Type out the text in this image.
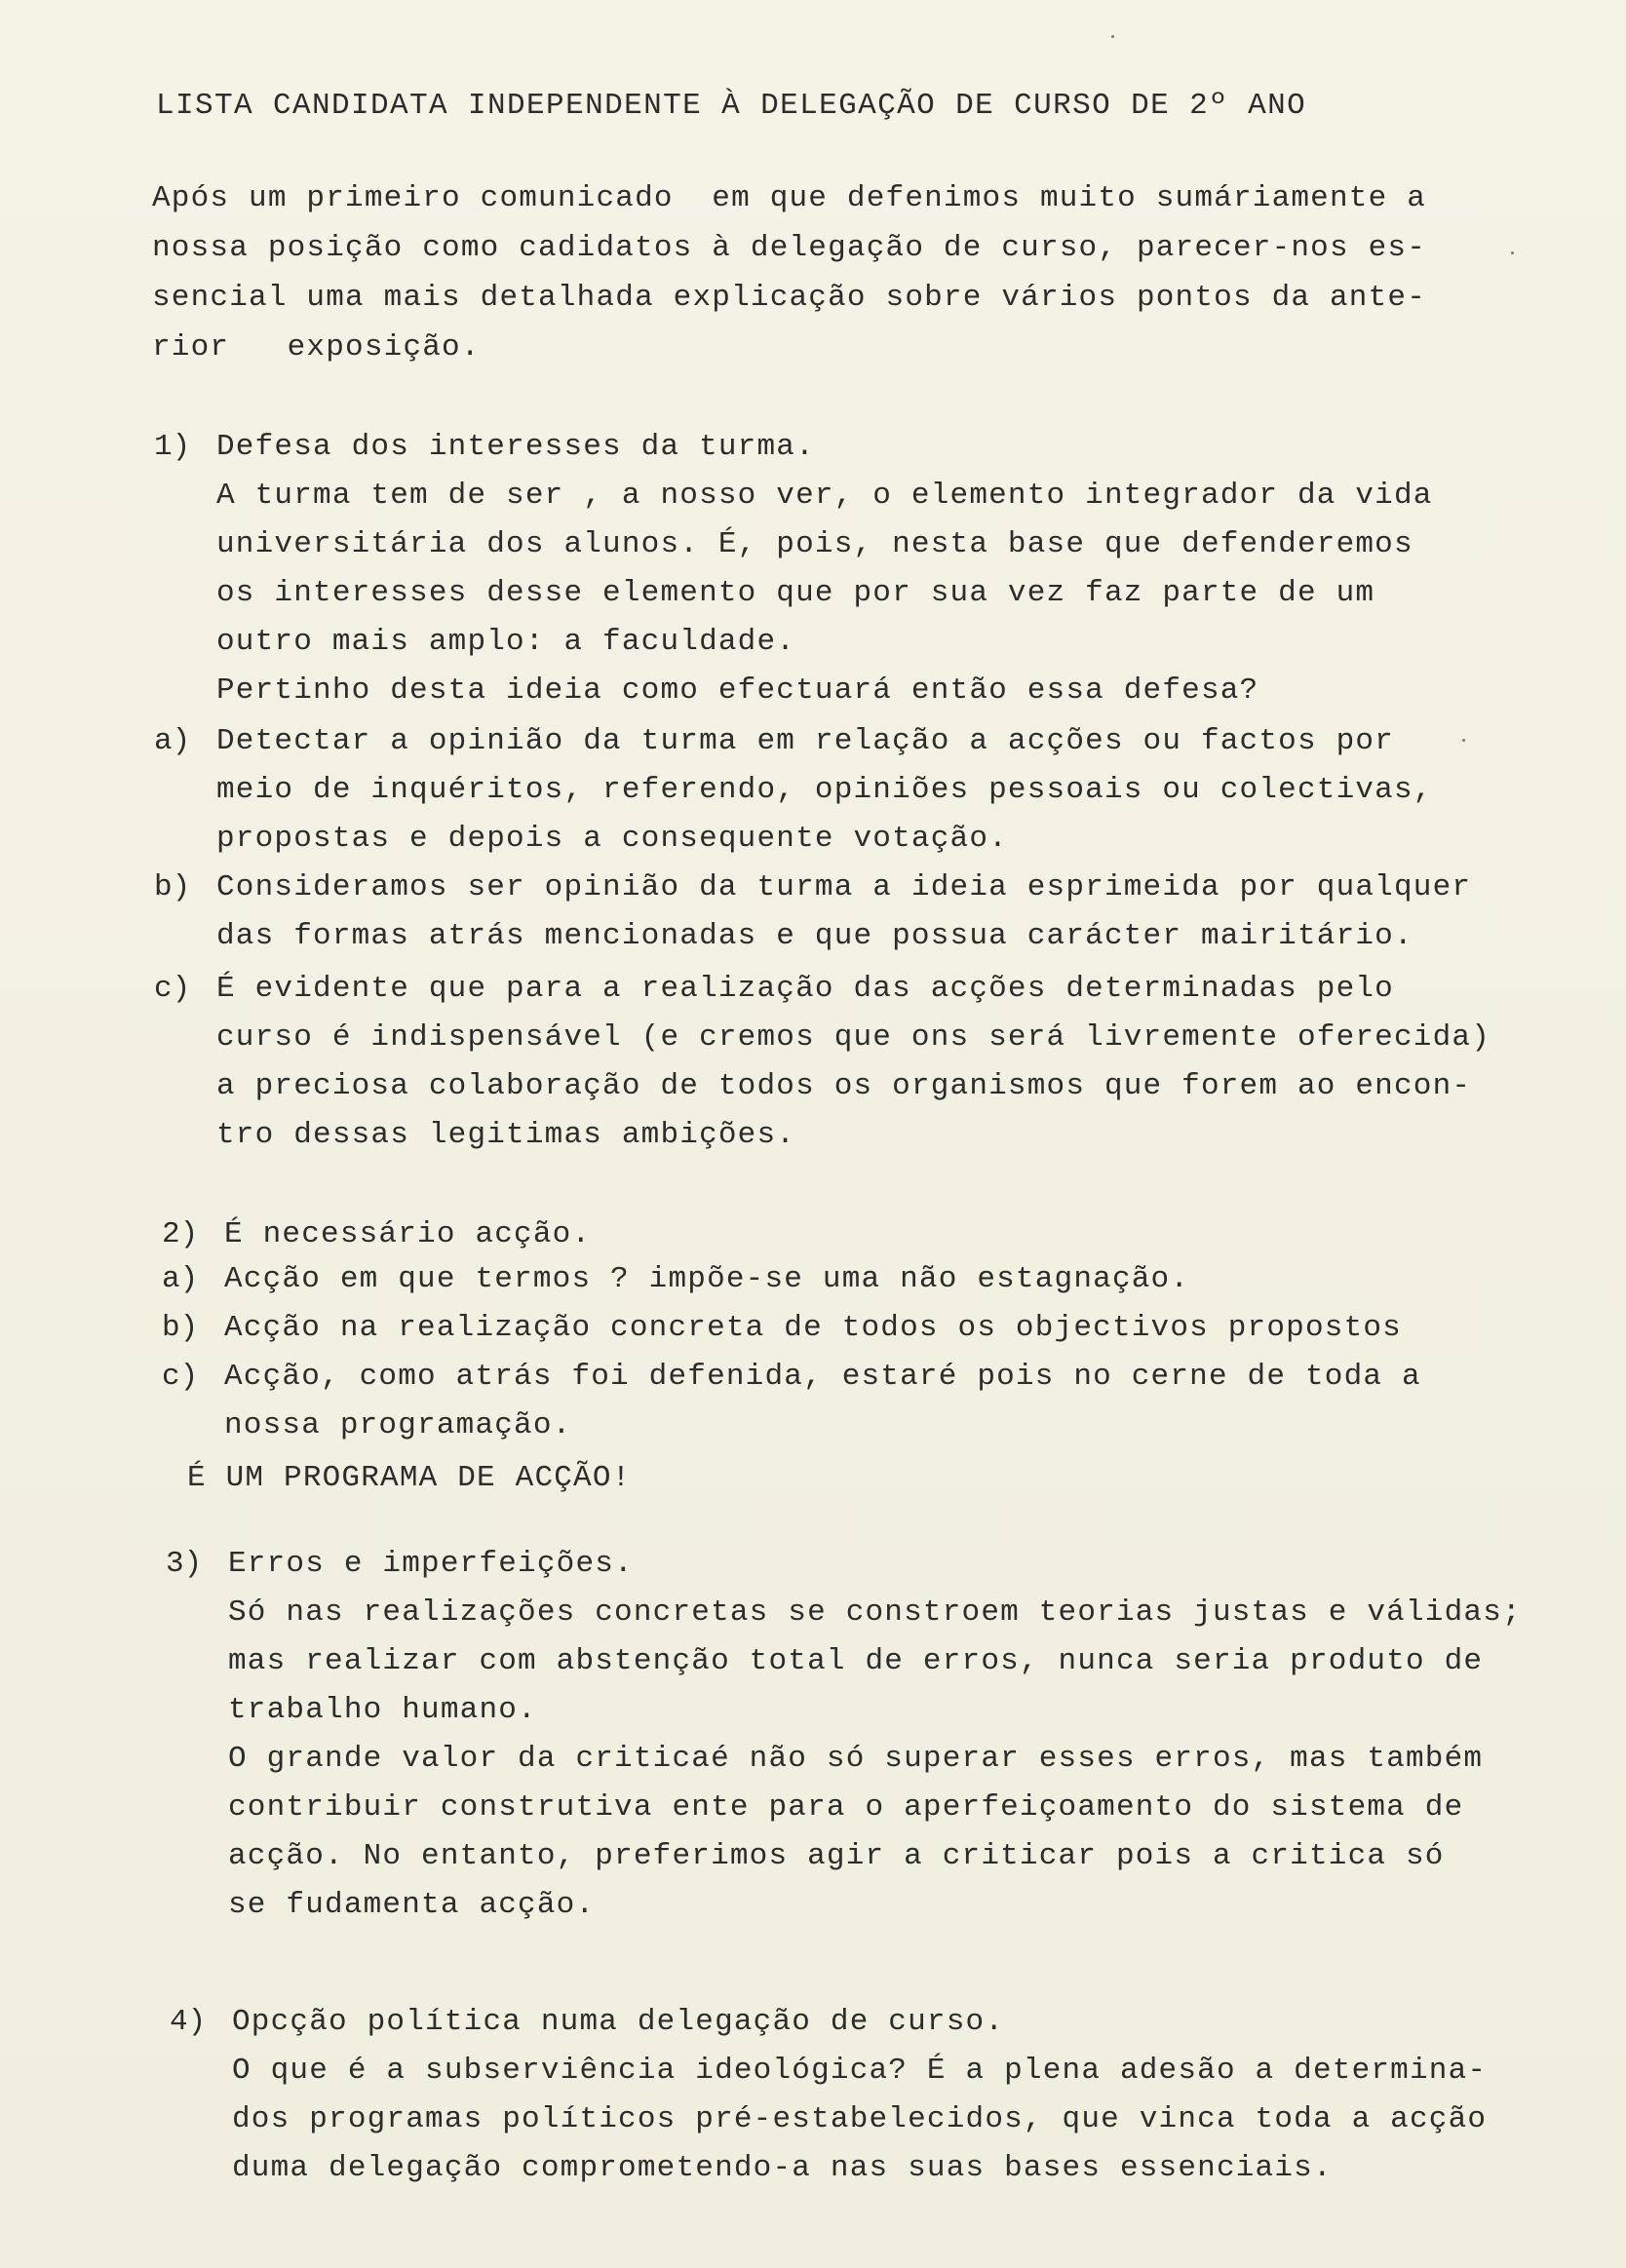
LISTA CANDIDATA INDEPENDENTE À DELEGAÇÃO DE CURSO DE 2º ANO
Após um primeiro comunicado  em que defenimos muito sumáriamente a
nossa posição como cadidatos à delegação de curso, parecer-nos es-
sencial uma mais detalhada explicação sobre vários pontos da ante-
rior   exposição.
1) Defesa dos interesses da turma.
A turma tem de ser , a nosso ver, o elemento integrador da vida
universitária dos alunos. É, pois, nesta base que defenderemos
os interesses desse elemento que por sua vez faz parte de um
outro mais amplo: a faculdade.
Pertinho desta ideia como efectuará então essa defesa?
a) Detectar a opinião da turma em relação a acções ou factos por
meio de inquéritos, referendo, opiniões pessoais ou colectivas,
propostas e depois a consequente votação.
b) Consideramos ser opinião da turma a ideia esprimeida por qualquer
das formas atrás mencionadas e que possua carácter mairitário.
c) É evidente que para a realização das acções determinadas pelo
curso é indispensável (e cremos que ons será livremente oferecida)
a preciosa colaboração de todos os organismos que forem ao encon-
tro dessas legitimas ambições.
2) É necessário acção.
a) Acção em que termos ? impõe-se uma não estagnação.
b) Acção na realização concreta de todos os objectivos propostos
c) Acção, como atrás foi defenida, estaré pois no cerne de toda a
nossa programação.
É UM PROGRAMA DE ACÇÃO!
3) Erros e imperfeições.
Só nas realizações concretas se constroem teorias justas e válidas;
mas realizar com abstenção total de erros, nunca seria produto de
trabalho humano.
O grande valor da criticaé não só superar esses erros, mas também
contribuir construtiva ente para o aperfeiçoamento do sistema de
acção. No entanto, preferimos agir a criticar pois a critica só
se fudamenta acção.
4) Opcção política numa delegação de curso.
O que é a subserviência ideológica? É a plena adesão a determina-
dos programas políticos pré-estabelecidos, que vinca toda a acção
duma delegação comprometendo-a nas suas bases essenciais.
